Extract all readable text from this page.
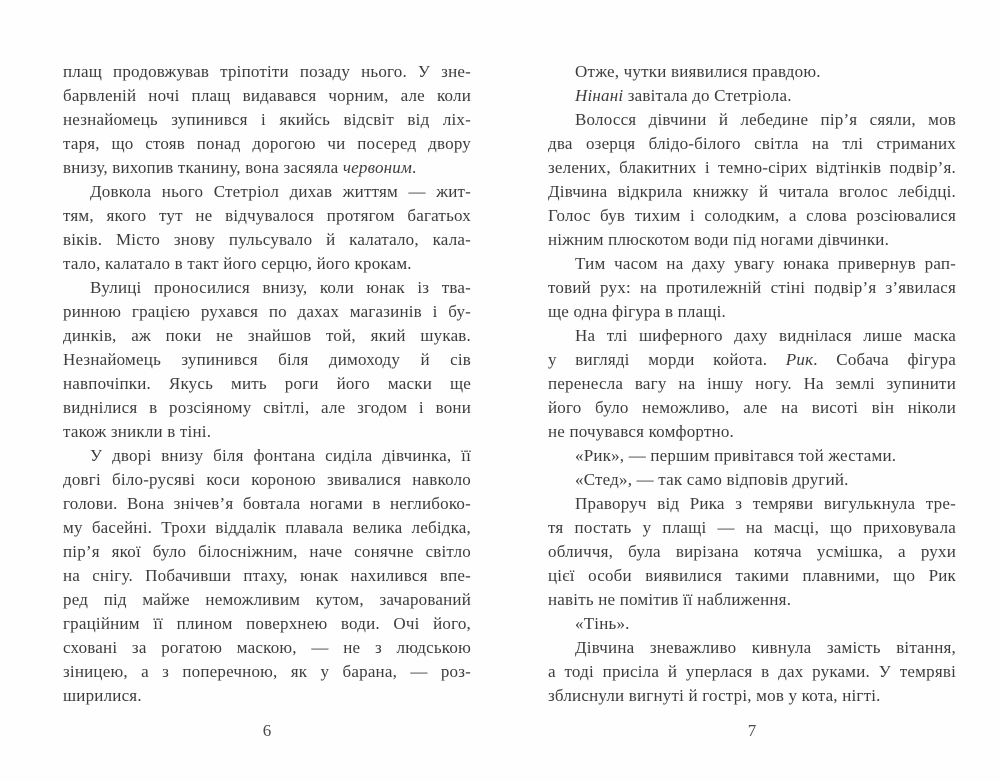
плащ продовжував тріпотіти позаду нього. У зне-
барвленій ночі плащ видавався чорним, але коли
незнайомець зупинився і якийсь відсвіт від ліх-
таря, що стояв понад дорогою чи посеред двору
внизу, вихопив тканину, вона засяяла червоним.
Довкола нього Стетріол дихав життям — жит-
тям, якого тут не відчувалося протягом багатьох
віків. Місто знову пульсувало й калатало, кала-
тало, калатало в такт його серцю, його крокам.
Вулиці проносилися внизу, коли юнак із тва-
ринною грацією рухався по дахах магазинів і бу-
динків, аж поки не знайшов той, який шукав.
Незнайомець зупинився біля димоходу й сів
навпочіпки. Якусь мить роги його маски ще
виднілися в розсіяному світлі, але згодом і вони
також зникли в тіні.
У дворі внизу біля фонтана сиділа дівчинка, її
довгі біло-русяві коси короною звивалися навколо
голови. Вона знічев’я бовтала ногами в неглибоко-
му басейні. Трохи віддалік плавала велика лебідка,
пір’я якої було білосніжним, наче сонячне світло
на снігу. Побачивши птаху, юнак нахилився впе-
ред під майже неможливим кутом, зачарований
граційним її плином поверхнею води. Очі його,
сховані за рогатою маскою, — не з людською
зіницею, а з поперечною, як у барана, — роз-
ширилися.
6
Отже, чутки виявилися правдою.
Нінані завітала до Стетріола.
Волосся дівчини й лебедине пір’я сяяли, мов
два озерця блідо-білого світла на тлі стриманих
зелених, блакитних і темно-сірих відтінків подвір’я.
Дівчина відкрила книжку й читала вголос лебідці.
Голос був тихим і солодким, а слова розсіювалися
ніжним плюскотом води під ногами дівчинки.
Тим часом на даху увагу юнака привернув рап-
товий рух: на протилежній стіні подвір’я з’явилася
ще одна фігура в плащі.
На тлі шиферного даху виднілася лише маска
у вигляді морди койота. Рик. Собача фігура
перенесла вагу на іншу ногу. На землі зупинити
його було неможливо, але на висоті він ніколи
не почувався комфортно.
«Рик», — першим привітався той жестами.
«Стед», — так само відповів другий.
Праворуч від Рика з темряви вигулькнула тре-
тя постать у плащі — на масці, що приховувала
обличчя, була вирізана котяча усмішка, а рухи
цієї особи виявилися такими плавними, що Рик
навіть не помітив її наближення.
«Тінь».
Дівчина зневажливо кивнула замість вітання,
а тоді присіла й уперлася в дах руками. У темряві
зблиснули вигнуті й гострі, мов у кота, нігті.
7
